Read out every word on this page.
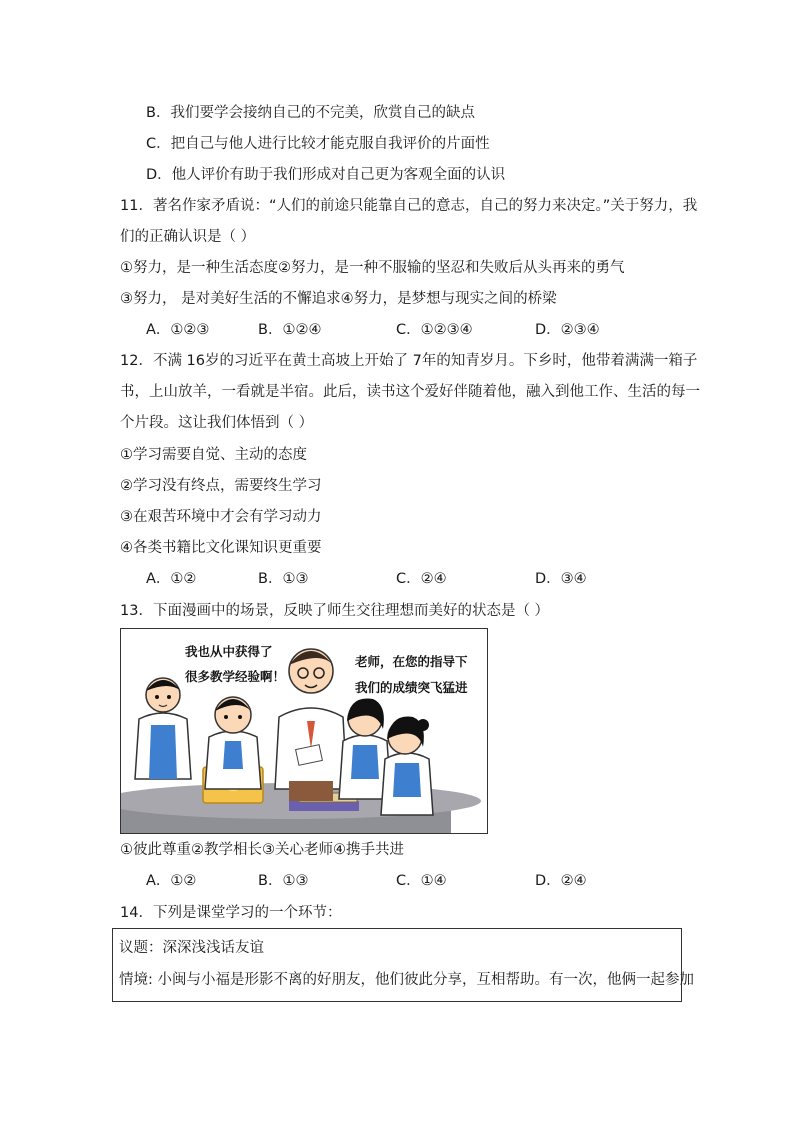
B．我们要学会接纳自己的不完美，欣赏自己的缺点
C．把自己与他人进行比较才能克服自我评价的片面性
D．他人评价有助于我们形成对自己更为客观全面的认识
11．著名作家矛盾说：“人们的前途只能靠自己的意志，自己的努力来决定。”关于努力，我
们的正确认识是（ ）
①努力，是一种生活态度②努力，是一种不服输的坚忍和失败后从头再来的勇气
③努力， 是对美好生活的不懈追求④努力，是梦想与现实之间的桥梁
A．①②③	B．①②④	C．①②③④	D．②③④
12．不满 16岁的习近平在黄土高坡上开始了 7年的知青岁月。下乡时，他带着满满一箱子
书，上山放羊，一看就是半宿。此后，读书这个爱好伴随着他，融入到他工作、生活的每一
个片段。这让我们体悟到（ ）
①学习需要自觉、主动的态度
②学习没有终点，需要终生学习
③在艰苦环境中才会有学习动力
④各类书籍比文化课知识更重要
A．①②	B．①③	C．②④	D．③④
13．下面漫画中的场景，反映了师生交往理想而美好的状态是（ ）
我也从中获得了
很多教学经验啊！
老师，在您的指导下
我们的成绩突飞猛进
①彼此尊重②教学相长③关心老师④携手共进
A．①②	B．①③	C．①④	D．②④
14．下列是课堂学习的一个环节：
议题：深深浅浅话友谊
情境: 小闽与小福是形影不离的好朋友，他们彼此分享，互相帮助。有一次，他俩一起参加
